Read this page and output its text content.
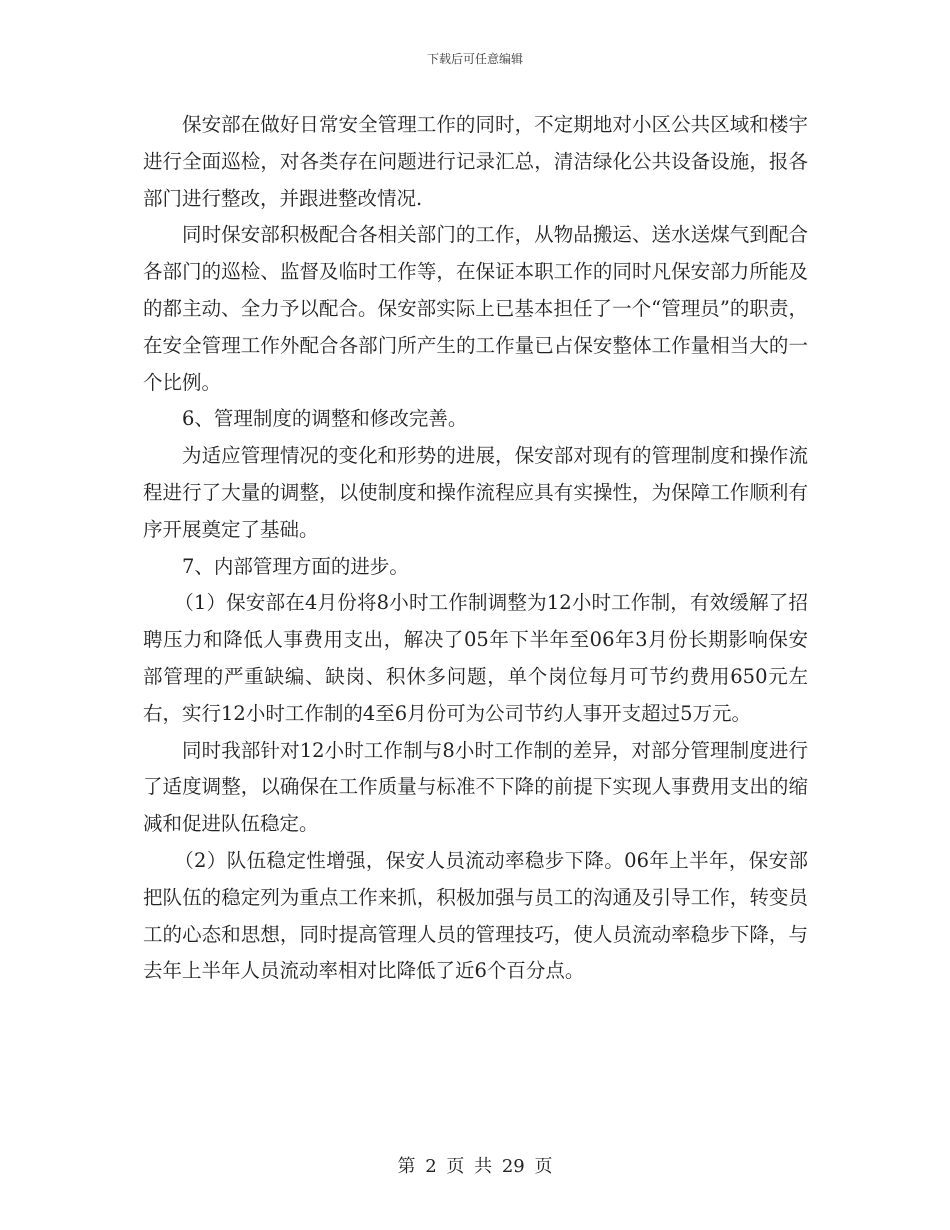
下载后可任意编辑

保安部在做好日常安全管理工作的同时，不定期地对小区公共区域和楼宇进行全面巡检，对各类存在问题进行记录汇总，清洁绿化公共设备设施，报各部门进行整改，并跟进整改情况.

同时保安部积极配合各相关部门的工作，从物品搬运、送水送煤气到配合各部门的巡检、监督及临时工作等，在保证本职工作的同时凡保安部力所能及的都主动、全力予以配合。保安部实际上已基本担任了一个“管理员”的职责，在安全管理工作外配合各部门所产生的工作量已占保安整体工作量相当大的一个比例。

6、管理制度的调整和修改完善。

为适应管理情况的变化和形势的进展，保安部对现有的管理制度和操作流程进行了大量的调整，以使制度和操作流程应具有实操性，为保障工作顺利有序开展奠定了基础。

7、内部管理方面的进步。

（1）保安部在4月份将8小时工作制调整为12小时工作制，有效缓解了招聘压力和降低人事费用支出，解决了05年下半年至06年3月份长期影响保安部管理的严重缺编、缺岗、积休多问题，单个岗位每月可节约费用650元左右，实行12小时工作制的4至6月份可为公司节约人事开支超过5万元。

同时我部针对12小时工作制与8小时工作制的差异，对部分管理制度进行了适度调整，以确保在工作质量与标准不下降的前提下实现人事费用支出的缩减和促进队伍稳定。

（2）队伍稳定性增强，保安人员流动率稳步下降。06年上半年，保安部把队伍的稳定列为重点工作来抓，积极加强与员工的沟通及引导工作，转变员工的心态和思想，同时提高管理人员的管理技巧，使人员流动率稳步下降，与去年上半年人员流动率相对比降低了近6个百分点。

第 2 页 共 29 页
